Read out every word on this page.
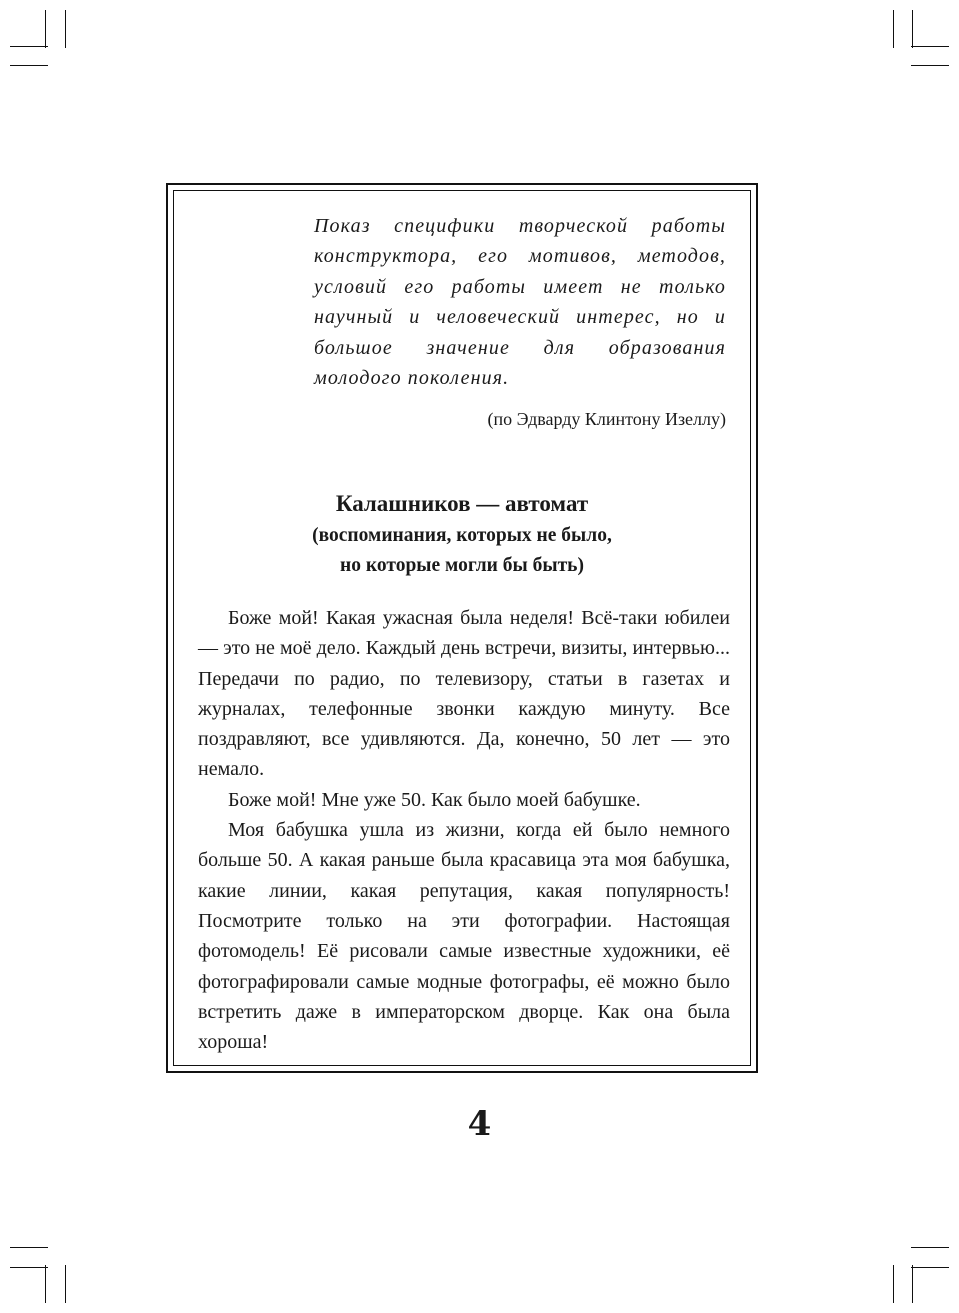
Показ специфики творческой работы конструктора, его мотивов, методов, условий его работы имеет не только научный и человеческий интерес, но и большое значение для образования молодого поколения.
(по Эдварду Клинтону Изеллу)
Калашников — автомат
(воспоминания, которых не было,
но которые могли бы быть)

Боже мой! Какая ужасная была неделя! Всё-таки юбилеи — это не моё дело. Каждый день встречи, визиты, интервью... Передачи по радио, по телевизору, статьи в газетах и журналах, телефонные звонки каждую минуту. Все поздравляют, все удивляются. Да, конечно, 50 лет — это немало.

Боже мой! Мне уже 50. Как было моей бабушке.

Моя бабушка ушла из жизни, когда ей было немного больше 50. А какая раньше была красавица эта моя бабушка, какие линии, какая репутация, какая популярность! Посмотрите только на эти фотографии. Настоящая фотомодель! Её рисовали самые известные художники, её фотографировали самые модные фотографы, её можно было встретить даже в императорском дворце. Как она была хороша!

4
